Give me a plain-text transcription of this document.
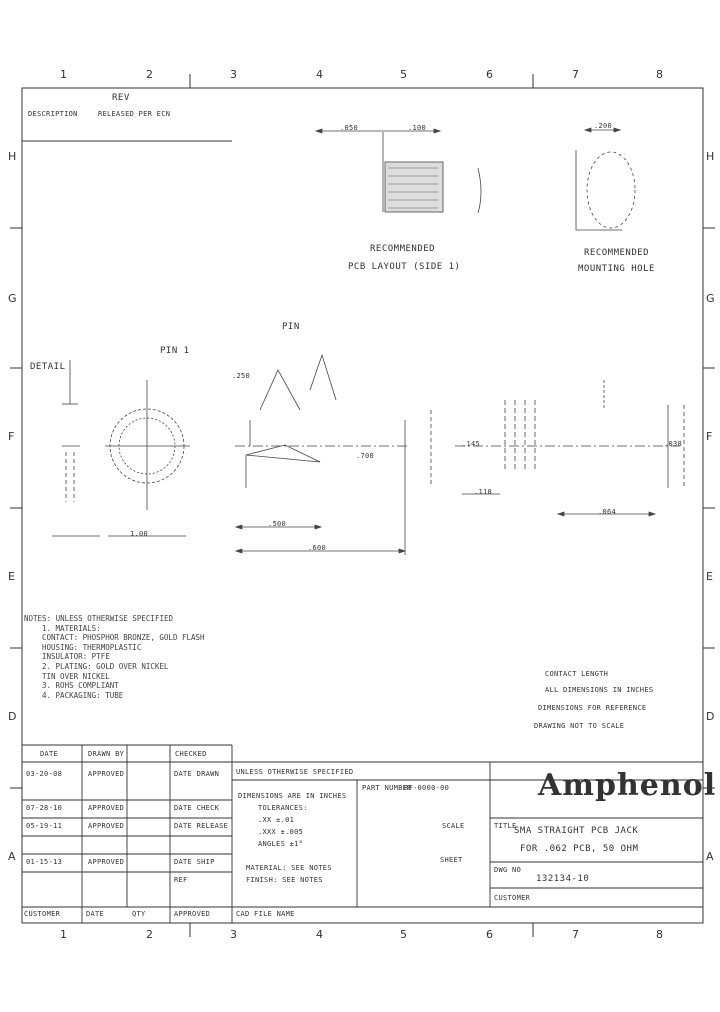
1	2	3	4	5	6	7	8
1	2	3	4	5	6	7	8
H
G
F
E
D
A
H
G
F
E
D
A
REV
DESCRIPTION	RELEASED PER ECN
RECOMMENDED
PCB LAYOUT (SIDE 1)
RECOMMENDED
MOUNTING HOLE
.050	.100	.200
PIN
DETAIL
PIN 1
.250
.500
.600
1.00
.145
.118
.064
.038
.700
NOTES: UNLESS OTHERWISE SPECIFIED
1. MATERIALS:
CONTACT: PHOSPHOR BRONZE, GOLD FLASH
HOUSING: THERMOPLASTIC
INSULATOR: PTFE
2. PLATING: GOLD OVER NICKEL
TIN OVER NICKEL
3. ROHS COMPLIANT
4. PACKAGING: TUBE
CONTACT LENGTH
ALL DIMENSIONS IN INCHES
DIMENSIONS FOR REFERENCE
DRAWING NOT TO SCALE
DATE	DRAWN BY	CHECKED
03-20-08	APPROVED	DATE DRAWN
07-28-10	APPROVED	DATE CHECK
05-19-11	APPROVED	DATE RELEASE
01-15-13	APPROVED	DATE SHIP
REF
UNLESS OTHERWISE SPECIFIED
DIMENSIONS ARE IN INCHES
TOLERANCES:
.XX ±.01
.XXX ±.005
ANGLES ±1°
MATERIAL: SEE NOTES
FINISH: SEE NOTES
PART NUMBER
RF-0000-00
SCALE
SHEET
Amphenol
TITLE
SMA STRAIGHT PCB JACK
FOR .062 PCB, 50 OHM
DWG NO
132134-10
CUSTOMER
CUSTOMER	DATE	QTY	APPROVED	CAD FILE NAME
